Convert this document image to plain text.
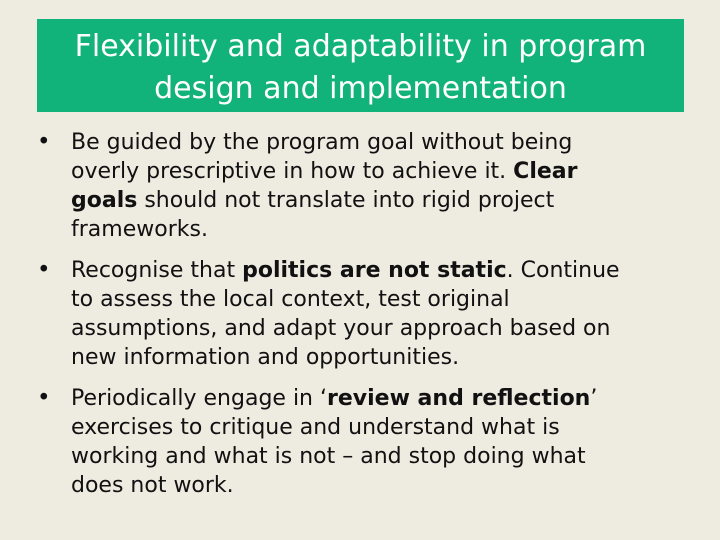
Flexibility and adaptability in program
design and implementation
• Be guided by the program goal without being
overly prescriptive in how to achieve it. Clear
goals should not translate into rigid project
frameworks.
• Recognise that politics are not static. Continue
to assess the local context, test original
assumptions, and adapt your approach based on
new information and opportunities.
• Periodically engage in ‘review and reflection’
exercises to critique and understand what is
working and what is not – and stop doing what
does not work.
